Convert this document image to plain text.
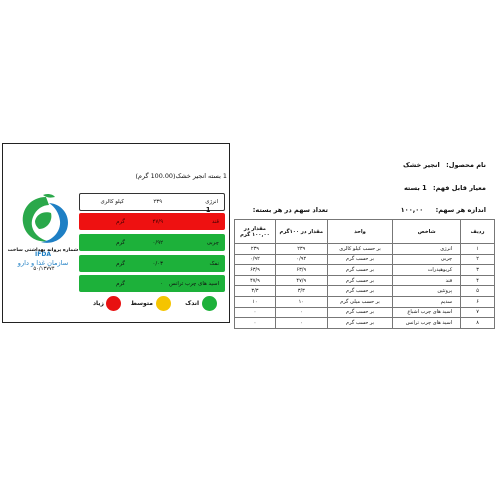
1 بسته انجیر خشک(100.00 گرم)
IFDA
سازمان غذا و دارو
شماره پروانه بهداشتی ساخت
۵۰/۱۳۷۷۴
انرژی
۲۳۹
کیلو کالری
قند
۴۷/۹
گرم
چربی
۰/۹۲
گرم
نمک
۰/۰۳
گرم
اسید های چرب ترانس
۰
گرم
اندک
متوسط
زیاد
نام محصول: انجیر خشک
معیار قابل فهم: 1 بسته
اندازه هر سهم: ۱۰۰,۰۰
تعداد سهم در هر بسته: 1
ردیف	شاخص	واحد	مقدار در ۱۰۰گرم	مقدار در ۱۰۰,۰۰ گرم
۱	انرژی	بر حسب کیلو کالری	۲۳۹	۲۳۹
۲	چربی	بر حسب گرم	۰/۹۲	۰/۹۲
۳	کربوهیدرات	بر حسب گرم	۶۳/۹	۶۳/۹
۴	قند	بر حسب گرم	۴۷/۹	۴۷/۹
۵	پروتئین	بر حسب گرم	۳/۳	۳/۳
۶	سدیم	بر حسب میلی گرم	۱۰	۱۰
۷	اسید های چرب اشباع	بر حسب گرم	۰	۰
۸	اسید های چرب ترانس	بر حسب گرم	۰	۰
